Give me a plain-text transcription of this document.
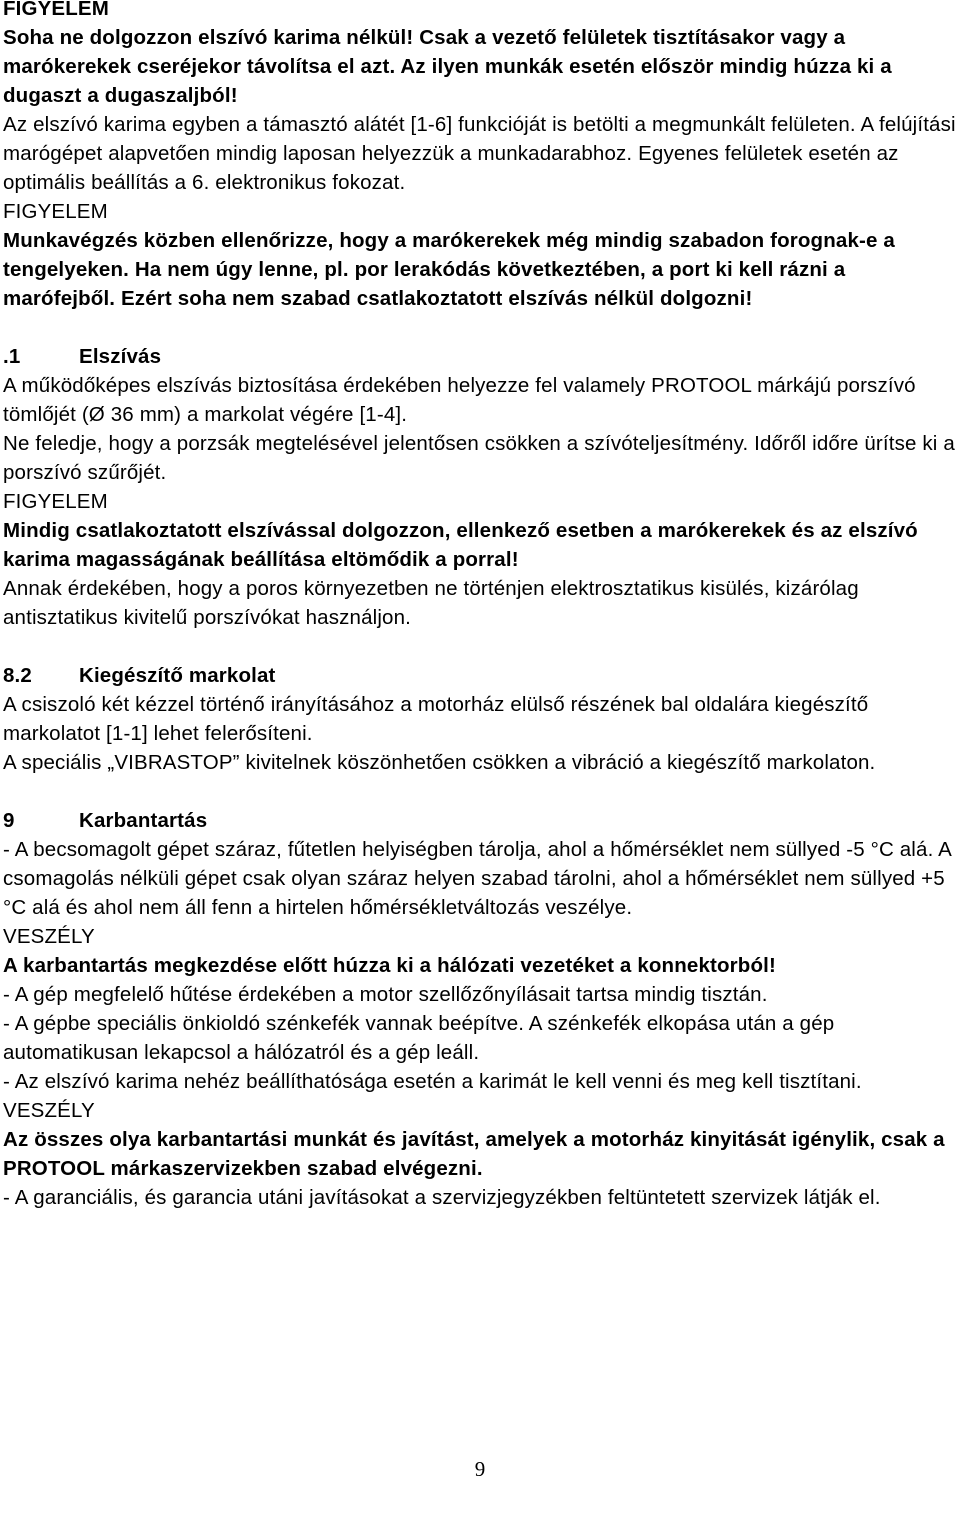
FIGYELEM

Soha ne dolgozzon elszívó karima nélkül! Csak a vezető felületek tisztításakor vagy a marókerekek cseréjekor távolítsa el azt. Az ilyen munkák esetén először mindig húzza ki a dugaszt a dugaszaljból!

Az elszívó karima egyben a támasztó alátét [1-6] funkcióját is betölti a megmunkált felületen. A felújítási marógépet alapvetően mindig laposan helyezzük a munkadarabhoz. Egyenes felületek esetén az optimális beállítás a 6. elektronikus fokozat.

FIGYELEM

Munkavégzés közben ellenőrizze, hogy a marókerekek még mindig szabadon forognak-e a tengelyeken. Ha nem úgy lenne, pl. por lerakódás következtében, a port ki kell rázni a marófejből. Ezért soha nem szabad csatlakoztatott elszívás nélkül dolgozni!

.1	Elszívás

A működőképes elszívás biztosítása érdekében helyezze fel valamely PROTOOL márkájú porszívó tömlőjét (Ø 36 mm) a markolat végére [1-4].

Ne feledje, hogy a porzsák megtelésével jelentősen csökken a szívóteljesítmény. Időről időre ürítse ki a porszívó szűrőjét.

FIGYELEM

Mindig csatlakoztatott elszívással dolgozzon, ellenkező esetben a marókerekek és az elszívó karima magasságának beállítása eltömődik a porral!

Annak érdekében, hogy a poros környezetben ne történjen elektrosztatikus kisülés, kizárólag antisztatikus kivitelű porszívókat használjon.

8.2 Kiegészítő markolat

A csiszoló két kézzel történő irányításához a motorház elülső részének bal oldalára kiegészítő markolatot [1-1] lehet felerősíteni.

A speciális „VIBRASTOP” kivitelnek köszönhetően csökken a vibráció a kiegészítő markolaton.

9	Karbantartás

- A becsomagolt gépet száraz, fűtetlen helyiségben tárolja, ahol a hőmérséklet nem süllyed -5 °C alá. A csomagolás nélküli gépet csak olyan száraz helyen szabad tárolni, ahol a hőmérséklet nem süllyed +5 °C alá és ahol nem áll fenn a hirtelen hőmérsékletváltozás veszélye.

VESZÉLY

A karbantartás megkezdése előtt húzza ki a hálózati vezetéket a konnektorból!

- A gép megfelelő hűtése érdekében a motor szellőzőnyílásait tartsa mindig tisztán.

- A gépbe speciális önkioldó szénkefék vannak beépítve. A szénkefék elkopása után a gép automatikusan lekapcsol a hálózatról és a gép leáll.

- Az elszívó karima nehéz beállíthatósága esetén a karimát le kell venni és meg kell tisztítani.

VESZÉLY

Az összes olya karbantartási munkát és javítást, amelyek a motorház kinyitását igénylik, csak a PROTOOL márkaszervizekben szabad elvégezni.

- A garanciális, és garancia utáni javításokat a szervizjegyzékben feltüntetett szervizek látják el.

9
